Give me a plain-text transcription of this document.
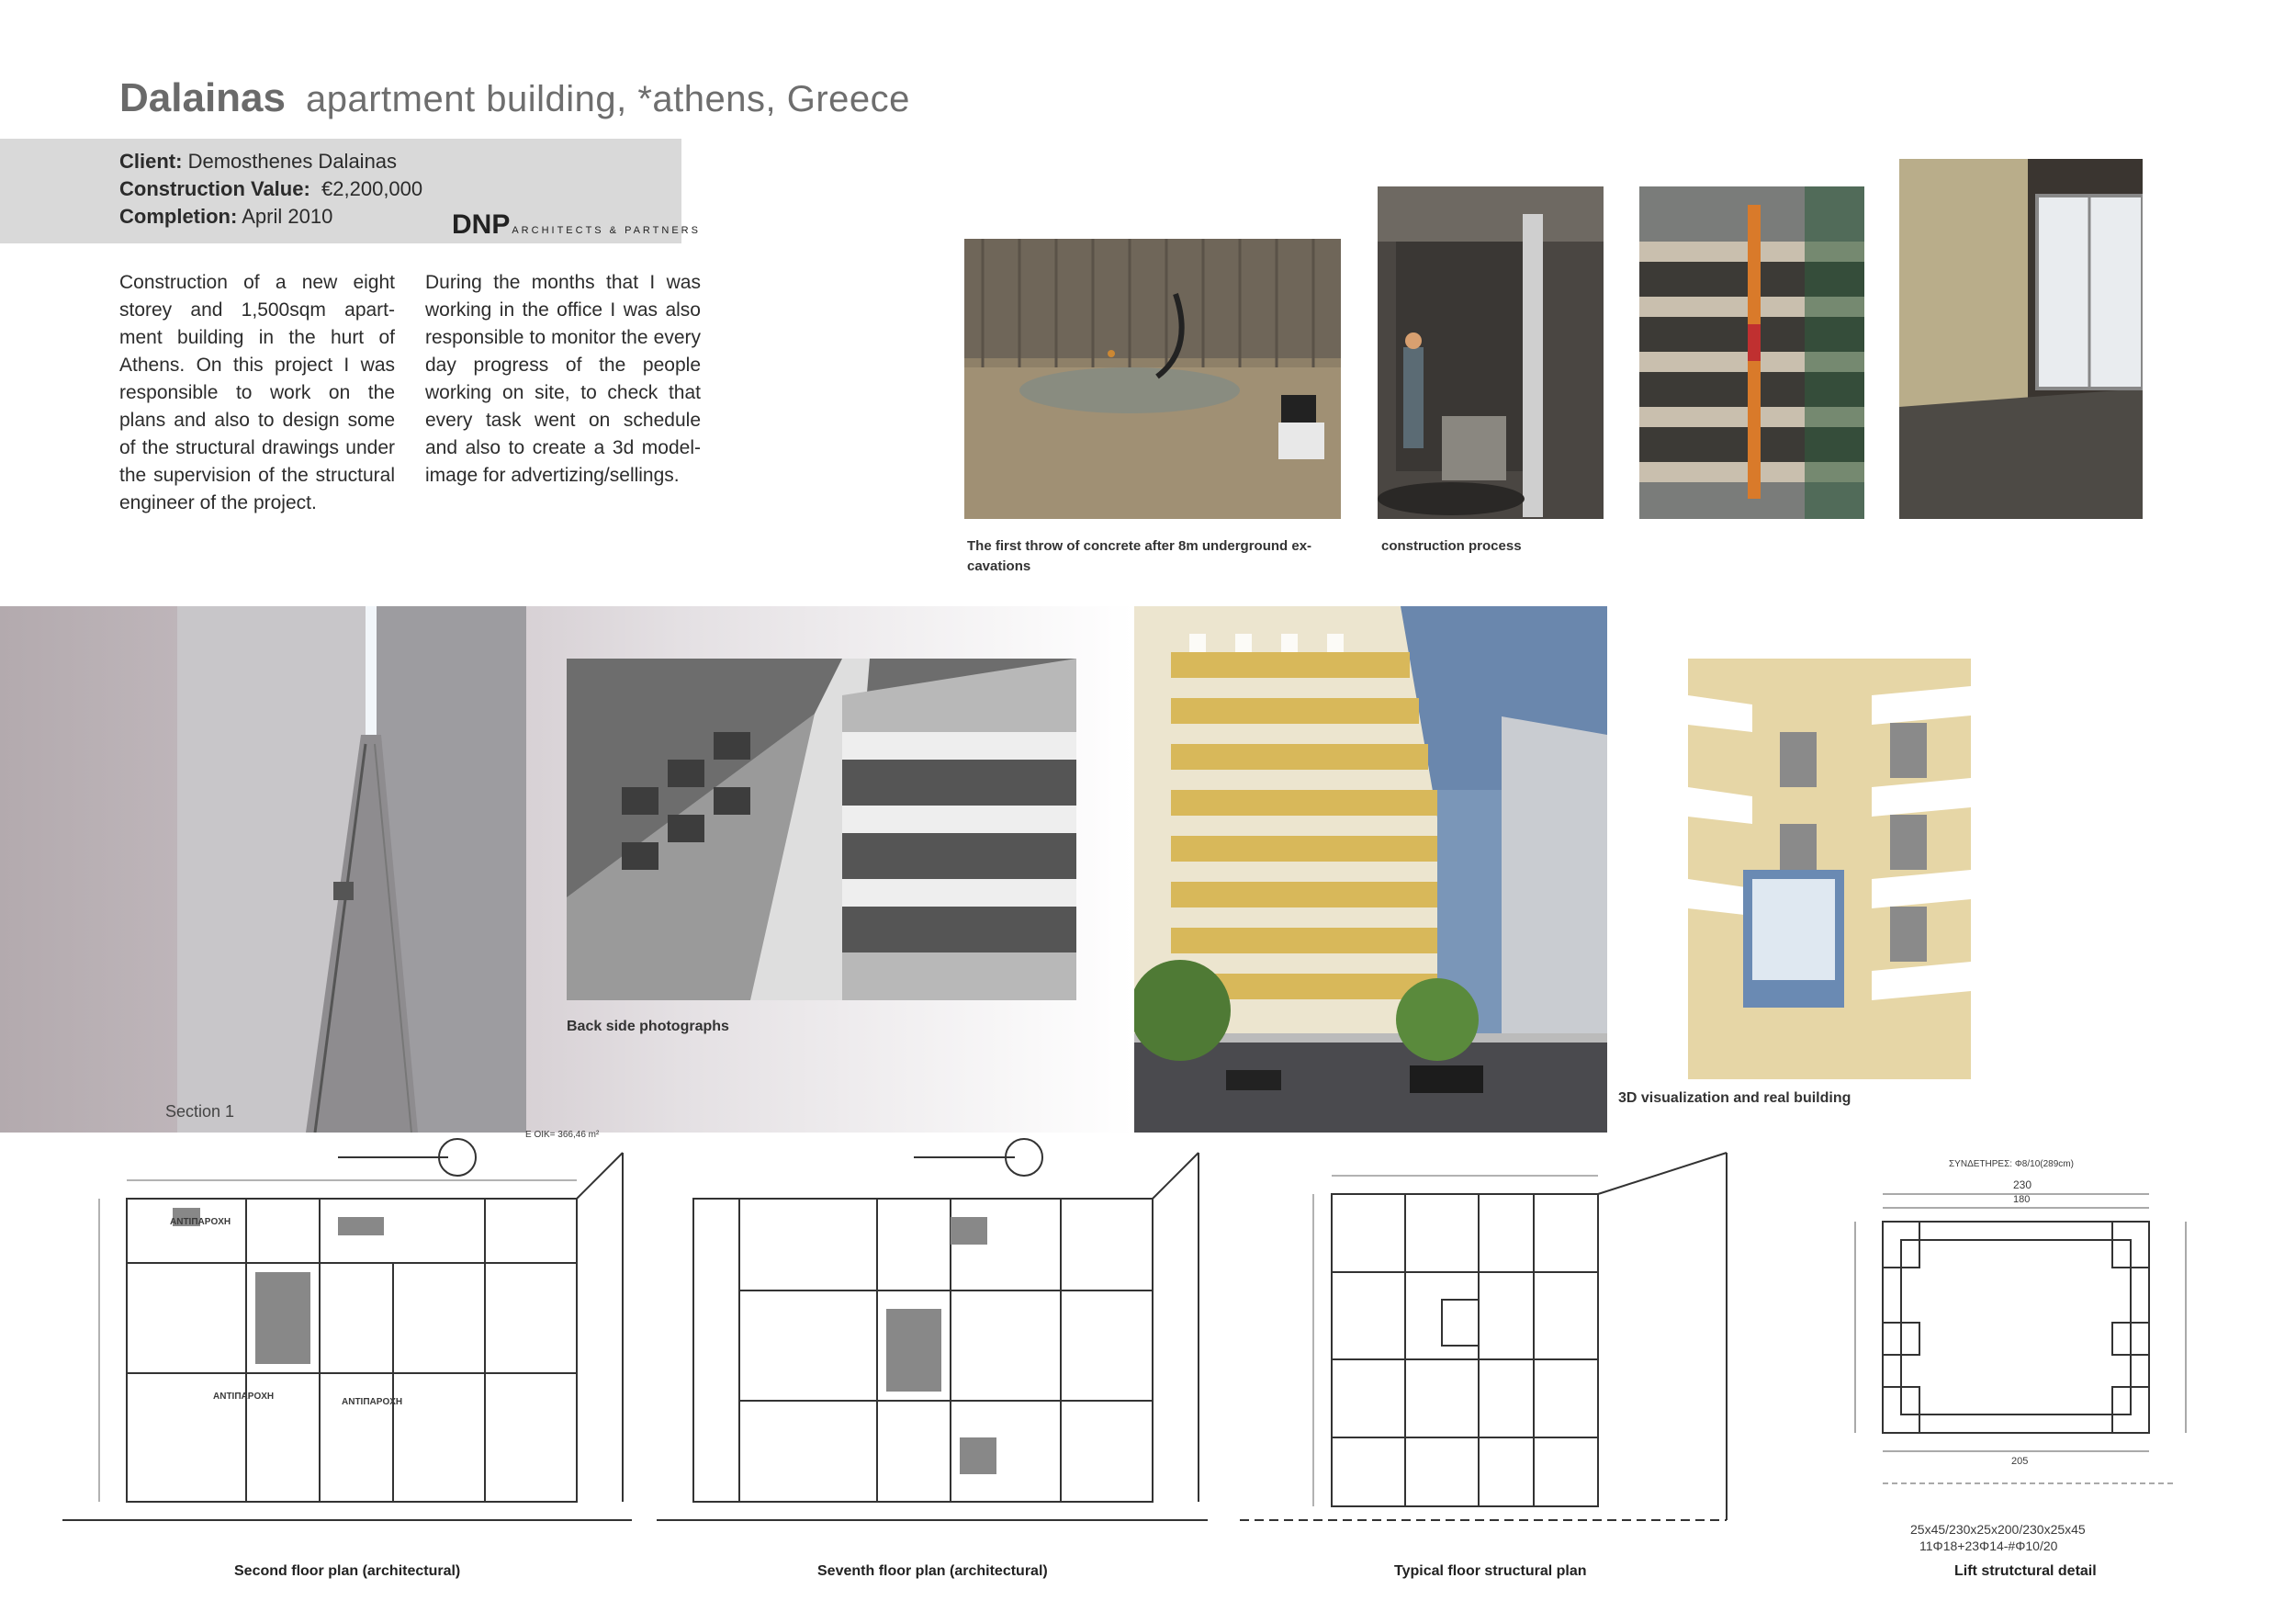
Dalainas apartment building, *athens, Greece
Client: Demosthenes Dalainas
Construction Value: €2,200,000
Completion: April 2010	DNP ARCHITECTS & PARTNERS
Construction of a new eight storey and 1,500sqm apart-ment building in the hurt of Athens. On this project I was responsible to work on the plans and also to design some of the structural drawings under the supervision of the structural engineer of the project.
During the months that I was working in the office I was also responsible to monitor the every day progress of the people working on site, to check that every task went on schedule and also to create a 3d model-image for advertizing/sellings.
The first throw of concrete after 8m underground ex-
cavations
construction process
Section 1
Back side photographs
3D visualization and real building
ΑΝΤΙΠΑΡΟΧΗ
ΑΝΤΙΠΑΡΟΧΗ
ΑΝΤΙΠΑΡΟΧΗ
Ε ΟΙΚ= 366,46 m²
Second floor plan (architectural)	Seventh floor plan (architectural)	Typical floor structural plan
ΣΥΝΔΕΤΗΡΕΣ: Φ8/10(289cm)
230
180
205
25x45/230x25x200/230x25x45
11Φ18+23Φ14-#Φ10/20
Lift strutctural detail
